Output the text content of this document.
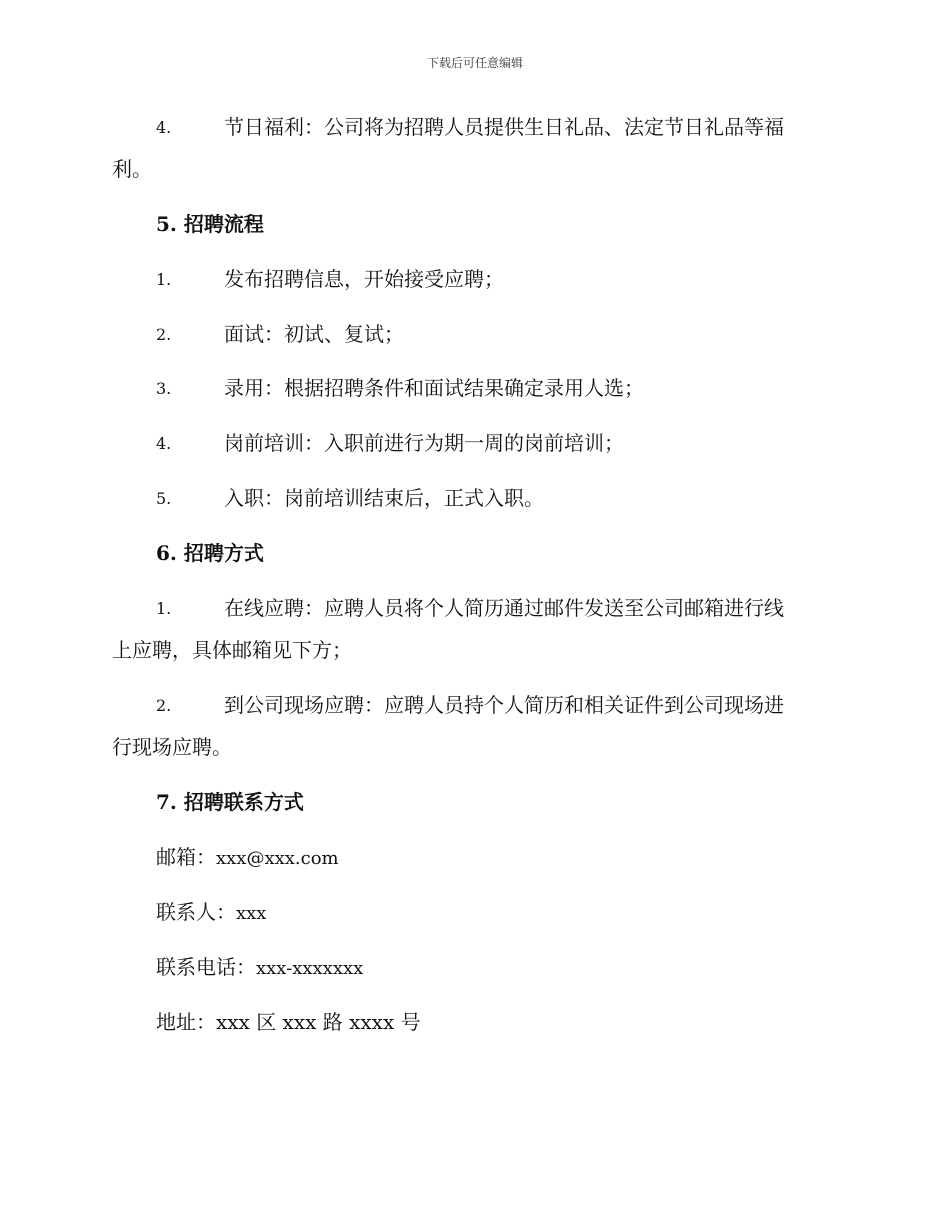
下载后可任意编辑
4.	节日福利：公司将为招聘人员提供生日礼品、法定节日礼品等福
利。
5. 招聘流程
1.	发布招聘信息，开始接受应聘；
2.	面试：初试、复试；
3.	录用：根据招聘条件和面试结果确定录用人选；
4.	岗前培训：入职前进行为期一周的岗前培训；
5.	入职：岗前培训结束后，正式入职。
6. 招聘方式
1.	在线应聘：应聘人员将个人简历通过邮件发送至公司邮箱进行线
上应聘，具体邮箱见下方；
2.	到公司现场应聘：应聘人员持个人简历和相关证件到公司现场进
行现场应聘。
7. 招聘联系方式
邮箱：xxx@xxx.com
联系人：xxx
联系电话：xxx-xxxxxxx
地址：xxx 区 xxx 路 xxxx 号
